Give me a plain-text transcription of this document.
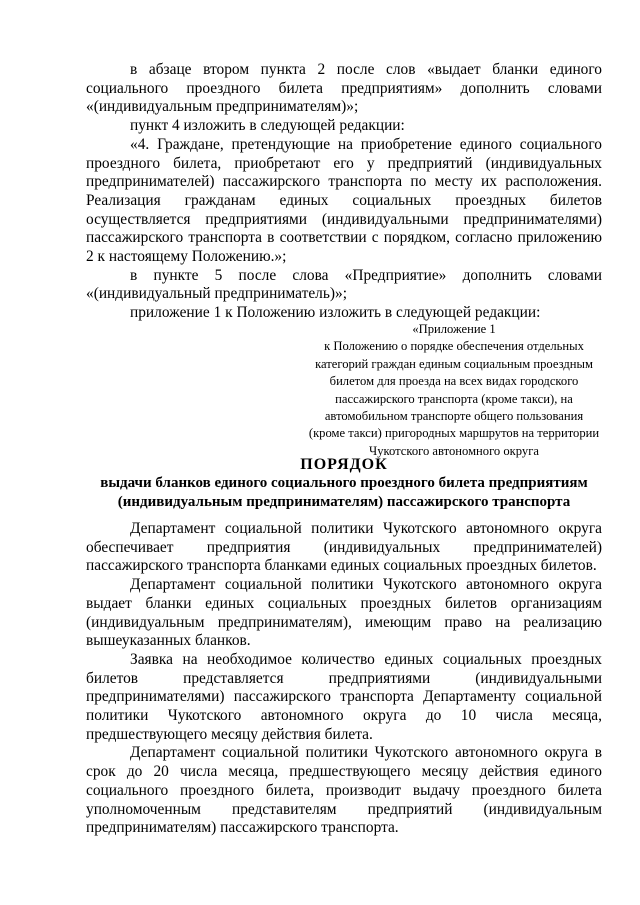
в абзаце втором пункта 2 после слов «выдает бланки единого социального проездного билета предприятиям» дополнить словами «(индивидуальным предпринимателям)»;

пункт 4 изложить в следующей редакции:

«4. Граждане, претендующие на приобретение единого социального проездного билета, приобретают его у предприятий (индивидуальных предпринимателей) пассажирского транспорта по месту их расположения. Реализация гражданам единых социальных проездных билетов осуществляется предприятиями (индивидуальными предпринимателями) пассажирского транспорта в соответствии с порядком, согласно приложению 2 к настоящему Положению.»;

в пункте 5 после слова «Предприятие» дополнить словами «(индивидуальный предприниматель)»;

приложение 1 к Положению изложить в следующей редакции:

«Приложение 1

к Положению о порядке обеспечения отдельных

категорий граждан единым социальным проездным

билетом для проезда на всех видах городского

пассажирского транспорта (кроме такси), на

автомобильном транспорте общего пользования

(кроме такси) пригородных маршрутов на территории

Чукотского автономного округа

ПОРЯДОК

выдачи бланков единого социального проездного билета предприятиям

(индивидуальным предпринимателям) пассажирского транспорта

Департамент социальной политики Чукотского автономного округа обеспечивает предприятия (индивидуальных предпринимателей) пассажирского транспорта бланками единых социальных проездных билетов.

Департамент социальной политики Чукотского автономного округа выдает бланки единых социальных проездных билетов организациям (индивидуальным предпринимателям), имеющим право на реализацию вышеуказанных бланков.

Заявка на необходимое количество единых социальных проездных билетов представляется предприятиями (индивидуальными предпринимателями) пассажирского транспорта Департаменту социальной политики Чукотского автономного округа до 10 числа месяца, предшествующего месяцу действия билета.

Департамент социальной политики Чукотского автономного округа в срок до 20 числа месяца, предшествующего месяцу действия единого социального проездного билета, производит выдачу проездного билета уполномоченным представителям предприятий (индивидуальным предпринимателям) пассажирского транспорта.
